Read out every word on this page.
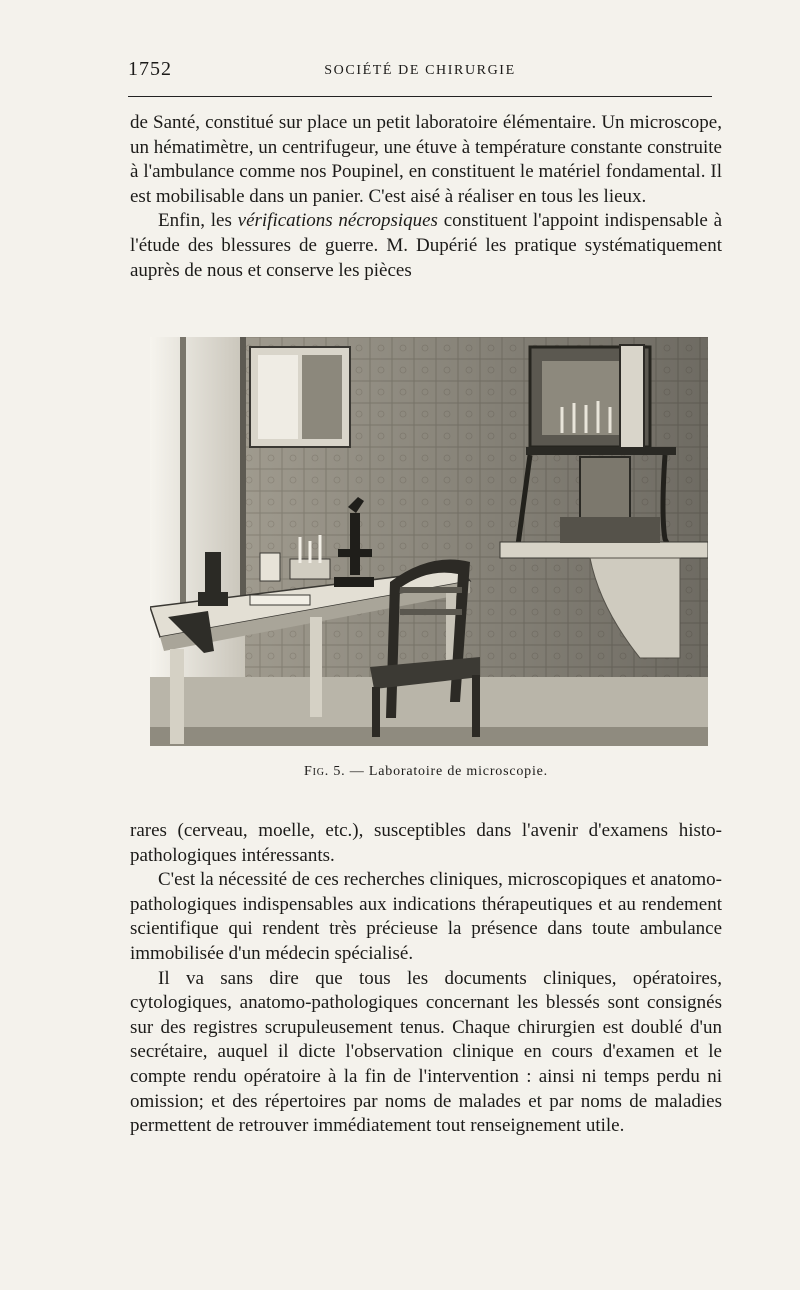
1752	SOCIÉTÉ DE CHIRURGIE

de Santé, constitué sur place un petit laboratoire élémentaire. Un microscope, un hématimètre, un centrifugeur, une étuve à température constante construite à l'ambulance comme nos Poupinel, en constituent le matériel fondamental. Il est mobilisable dans un panier. C'est aisé à réaliser en tous les lieux.

Enfin, les vérifications nécropsiques constituent l'appoint indispensable à l'étude des blessures de guerre. M. Dupérié les pratique systématiquement auprès de nous et conserve les pièces

Fig. 5. — Laboratoire de microscopie.

rares (cerveau, moelle, etc.), susceptibles dans l'avenir d'examens histo-pathologiques intéressants.

C'est la nécessité de ces recherches cliniques, microscopiques et anatomo-pathologiques indispensables aux indications thérapeutiques et au rendement scientifique qui rendent très précieuse la présence dans toute ambulance immobilisée d'un médecin spécialisé.

Il va sans dire que tous les documents cliniques, opératoires, cytologiques, anatomo-pathologiques concernant les blessés sont consignés sur des registres scrupuleusement tenus. Chaque chirurgien est doublé d'un secrétaire, auquel il dicte l'observation clinique en cours d'examen et le compte rendu opératoire à la fin de l'intervention : ainsi ni temps perdu ni omission; et des répertoires par noms de malades et par noms de maladies permettent de retrouver immédiatement tout renseignement utile.
